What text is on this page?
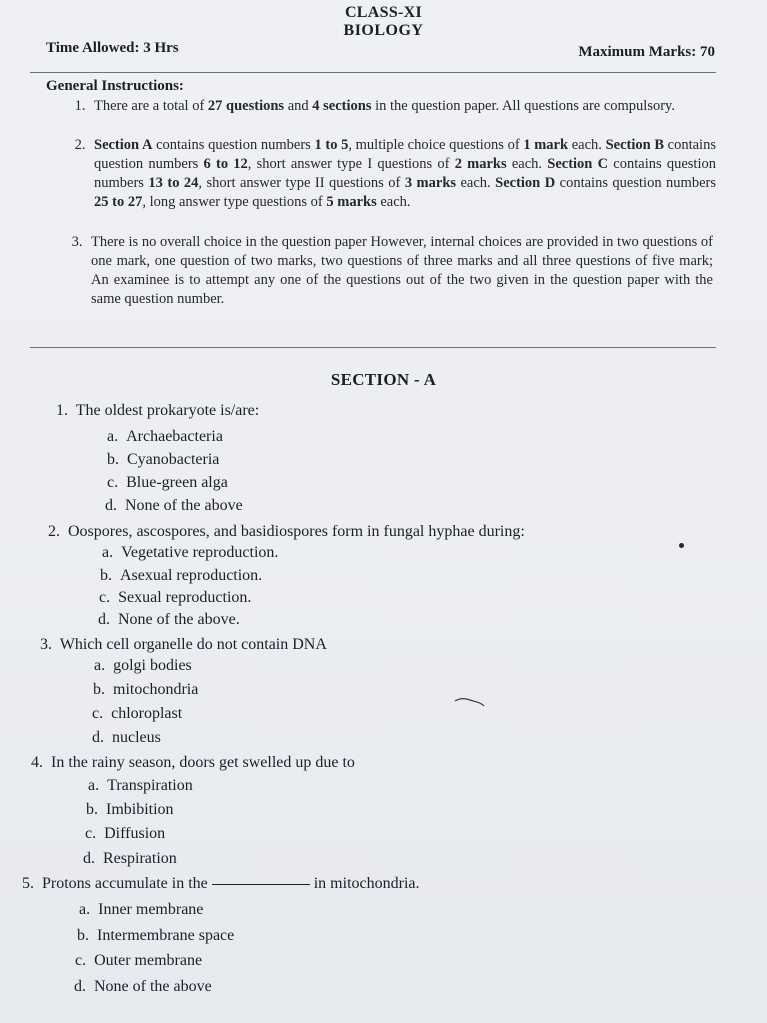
CLASS-XI
BIOLOGY
Time Allowed: 3 Hrs	Maximum Marks: 70
General Instructions:
1. There are a total of 27 questions and 4 sections in the question paper. All questions are compulsory.
2. Section A contains question numbers 1 to 5, multiple choice questions of 1 mark each. Section B contains question numbers 6 to 12, short answer type I questions of 2 marks each. Section C contains question numbers 13 to 24, short answer type II questions of 3 marks each. Section D contains question numbers 25 to 27, long answer type questions of 5 marks each.
3. There is no overall choice in the question paper However, internal choices are provided in two questions of one mark, one question of two marks, two questions of three marks and all three questions of five mark; An examinee is to attempt any one of the questions out of the two given in the question paper with the same question number.
SECTION - A
1. The oldest prokaryote is/are:
a. Archaebacteria
b. Cyanobacteria
c. Blue-green alga
d. None of the above
2. Oospores, ascospores, and basidiospores form in fungal hyphae during:
a. Vegetative reproduction.
b. Asexual reproduction.
c. Sexual reproduction.
d. None of the above.
3. Which cell organelle do not contain DNA
a. golgi bodies
b. mitochondria
c. chloroplast
d. nucleus
4. In the rainy season, doors get swelled up due to
a. Transpiration
b. Imbibition
c. Diffusion
d. Respiration
5. Protons accumulate in the	in mitochondria.
a. Inner membrane
b. Intermembrane space
c. Outer membrane
d. None of the above
